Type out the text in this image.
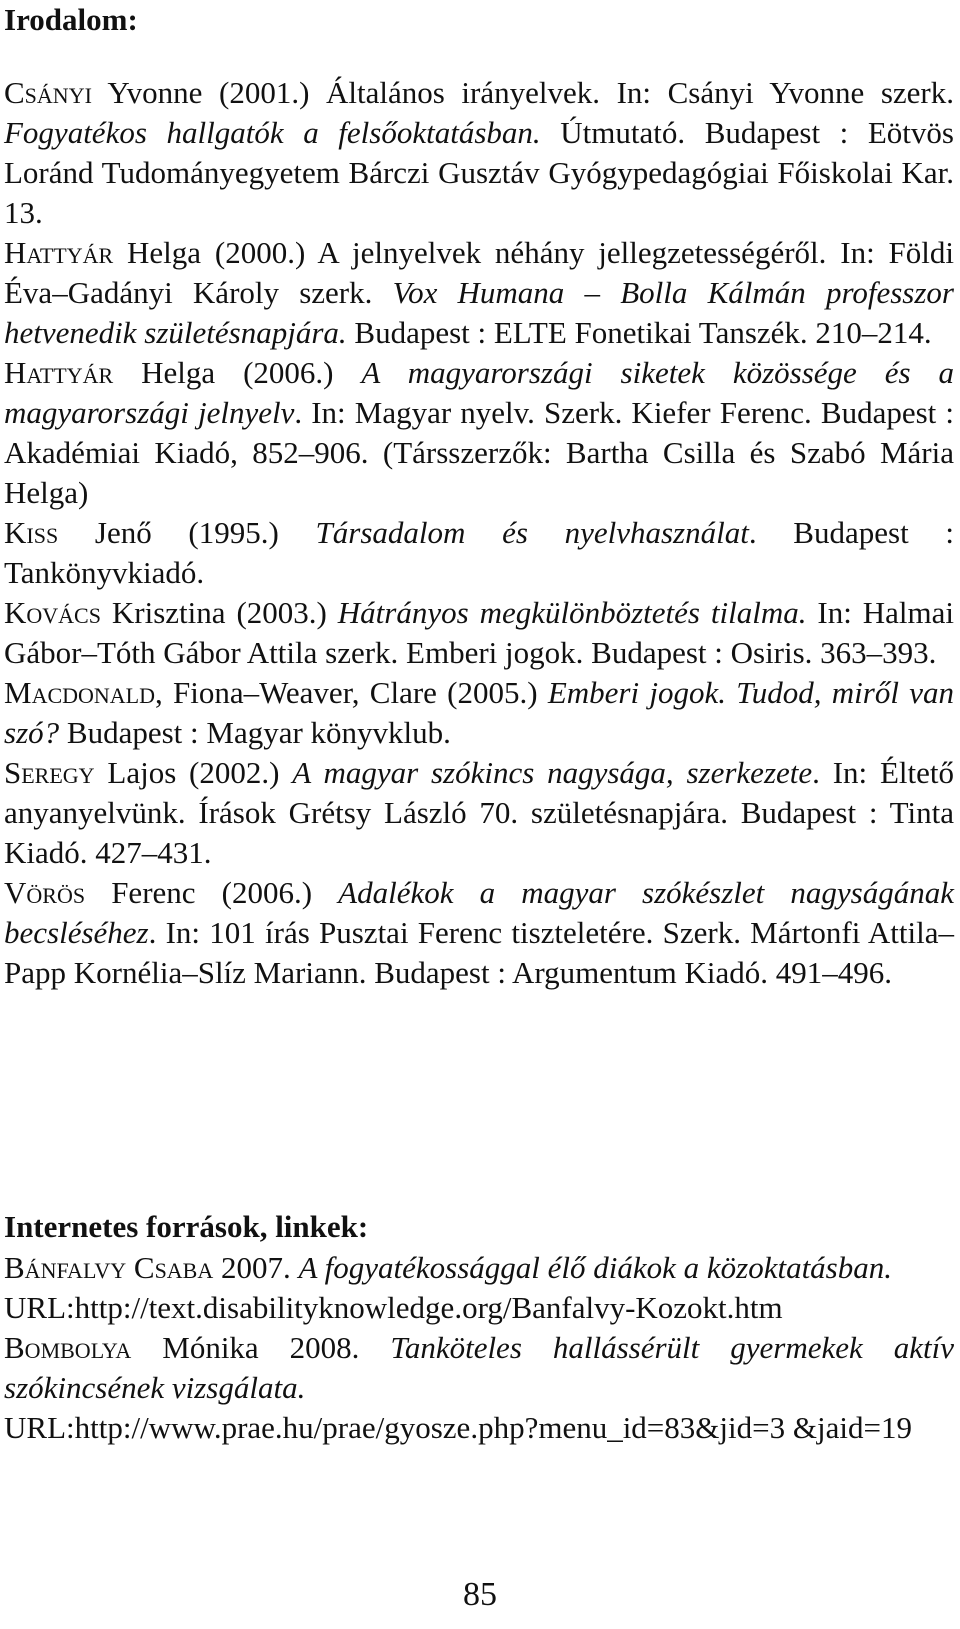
Irodalom:

Csányi Yvonne (2001.) Általános irányelvek. In: Csányi Yvonne szerk. Fogyatékos hallgatók a felsőoktatásban. Útmutató. Budapest : Eötvös Loránd Tudományegyetem Bárczi Gusztáv Gyógypedagógiai Főiskolai Kar. 13.

Hattyár Helga (2000.) A jelnyelvek néhány jellegzetességéről. In: Földi Éva–Gadányi Károly szerk. Vox Humana – Bolla Kálmán professzor hetvenedik születésnapjára. Budapest : ELTE Fonetikai Tanszék. 210–214.

Hattyár Helga (2006.) A magyarországi siketek közössége és a magyarországi jelnyelv. In: Magyar nyelv. Szerk. Kiefer Ferenc. Budapest : Akadémiai Kiadó, 852–906. (Társszerzők: Bartha Csilla és Szabó Mária Helga)

Kiss Jenő (1995.) Társadalom és nyelvhasználat. Budapest : Tankönyvkiadó.

Kovács Krisztina (2003.) Hátrányos megkülönböztetés tilalma. In: Halmai Gábor–Tóth Gábor Attila szerk. Emberi jogok. Budapest : Osiris. 363–393.

Macdonald, Fiona–Weaver, Clare (2005.) Emberi jogok. Tudod, miről van szó? Budapest : Magyar könyvklub.

Seregy Lajos (2002.) A magyar szókincs nagysága, szerkezete. In: Éltető anyanyelvünk. Írások Grétsy László 70. születésnapjára. Budapest : Tinta Kiadó. 427–431.

Vörös Ferenc (2006.) Adalékok a magyar szókészlet nagyságának becsléséhez. In: 101 írás Pusztai Ferenc tiszteletére. Szerk. Mártonfi Attila–Papp Kornélia–Slíz Mariann. Budapest : Argumentum Kiadó. 491–496.

Internetes források, linkek:

Bánfalvy Csaba 2007. A fogyatékossággal élő diákok a közoktatásban.

URL:http://text.disabilityknowledge.org/Banfalvy-Kozokt.htm

Bombolya Mónika 2008. Tanköteles hallássérült gyermekek aktív szókincsének vizsgálata.

URL:http://www.prae.hu/prae/gyosze.php?menu_id=83&jid=3 &jaid=19

85
